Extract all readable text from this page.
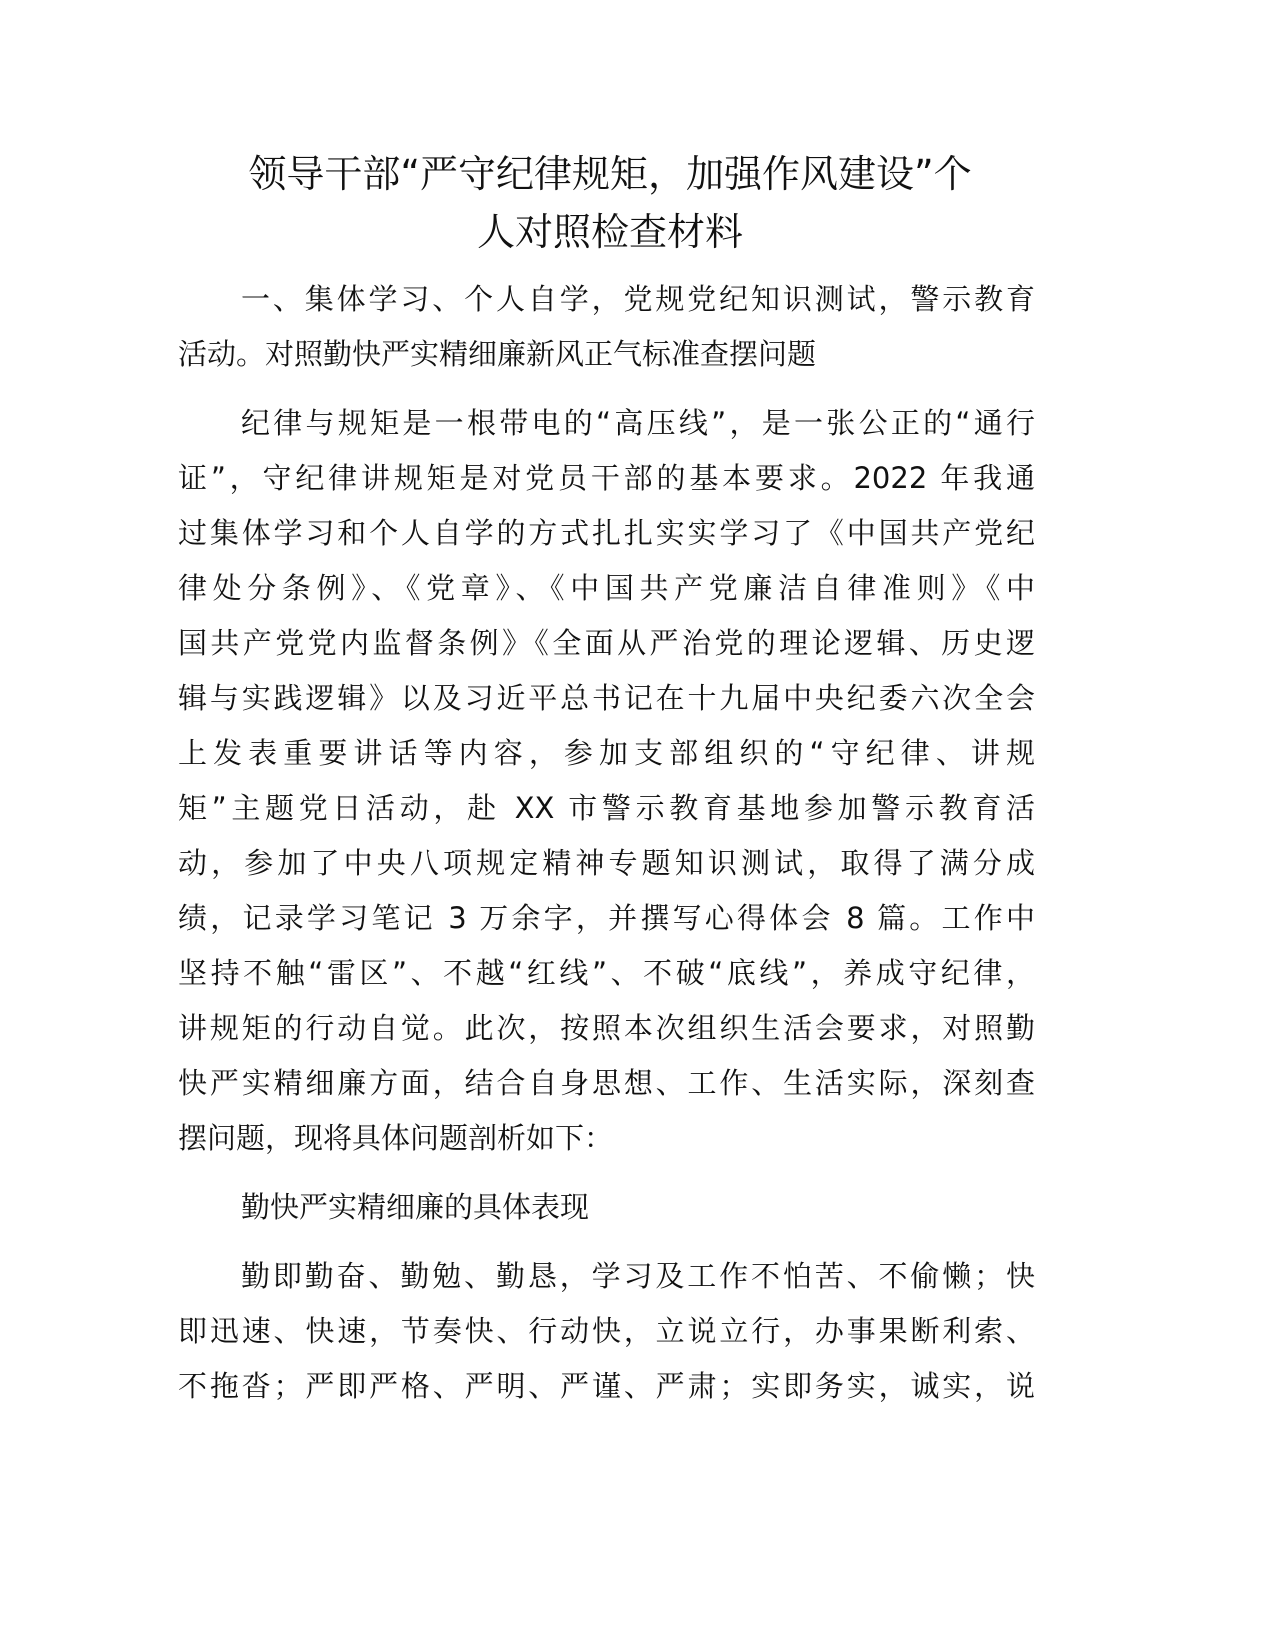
领导干部“严守纪律规矩，加强作风建设”个
人对照检查材料
一、集体学习、个人自学，党规党纪知识测试，警示教育
活动。对照勤快严实精细廉新风正气标准查摆问题
纪律与规矩是一根带电的“高压线”，是一张公正的“通行
证”，守纪律讲规矩是对党员干部的基本要求。2022 年我通
过集体学习和个人自学的方式扎扎实实学习了《中国共产党纪
律处分条例》、《党章》、《中国共产党廉洁自律准则》《中
国共产党党内监督条例》《全面从严治党的理论逻辑、历史逻
辑与实践逻辑》以及习近平总书记在十九届中央纪委六次全会
上发表重要讲话等内容，参加支部组织的“守纪律、讲规
矩”主题党日活动，赴 XX 市警示教育基地参加警示教育活
动，参加了中央八项规定精神专题知识测试，取得了满分成
绩，记录学习笔记 3 万余字，并撰写心得体会 8 篇。工作中
坚持不触“雷区”、不越“红线”、不破“底线”，养成守纪律，
讲规矩的行动自觉。此次，按照本次组织生活会要求，对照勤
快严实精细廉方面，结合自身思想、工作、生活实际，深刻查
摆问题，现将具体问题剖析如下：
勤快严实精细廉的具体表现
勤即勤奋、勤勉、勤恳，学习及工作不怕苦、不偷懒；快
即迅速、快速，节奏快、行动快，立说立行，办事果断利索、
不拖沓；严即严格、严明、严谨、严肃；实即务实，诚实，说
